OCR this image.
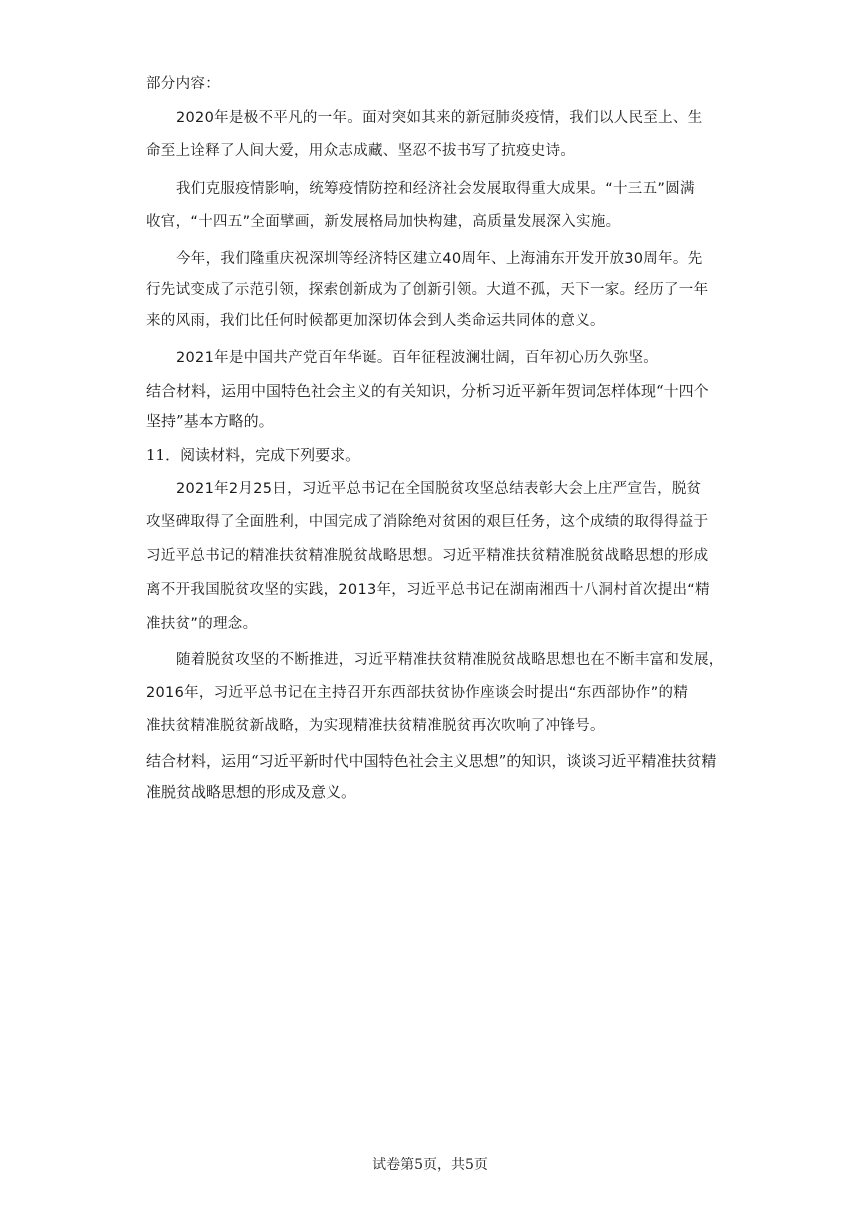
部分内容：
2020年是极不平凡的一年。面对突如其来的新冠肺炎疫情，我们以人民至上、生
命至上诠释了人间大爱，用众志成藏、坚忍不拔书写了抗疫史诗。
我们克服疫情影响，统筹疫情防控和经济社会发展取得重大成果。“十三五”圆满
收官，“十四五”全面擘画，新发展格局加快构建，高质量发展深入实施。
今年，我们隆重庆祝深圳等经济特区建立40周年、上海浦东开发开放30周年。先
行先试变成了示范引领，探索创新成为了创新引领。大道不孤，天下一家。经历了一年
来的风雨，我们比任何时候都更加深切体会到人类命运共同体的意义。
2021年是中国共产党百年华诞。百年征程波澜壮阔，百年初心历久弥坚。
结合材料，运用中国特色社会主义的有关知识，分析习近平新年贺词怎样体现“十四个
坚持”基本方略的。
11．阅读材料，完成下列要求。
2021年2月25日，习近平总书记在全国脱贫攻坚总结表彰大会上庄严宣告，脱贫
攻坚碑取得了全面胜利，中国完成了消除绝对贫困的艰巨任务，这个成绩的取得得益于
习近平总书记的精准扶贫精准脱贫战略思想。习近平精准扶贫精准脱贫战略思想的形成
离不开我国脱贫攻坚的实践，2013年，习近平总书记在湖南湘西十八洞村首次提出“精
准扶贫”的理念。
随着脱贫攻坚的不断推进，习近平精准扶贫精准脱贫战略思想也在不断丰富和发展，
2016年，习近平总书记在主持召开东西部扶贫协作座谈会时提出“东西部协作”的精
准扶贫精准脱贫新战略，为实现精准扶贫精准脱贫再次吹响了冲锋号。
结合材料，运用“习近平新时代中国特色社会主义思想”的知识，谈谈习近平精准扶贫精
准脱贫战略思想的形成及意义。
试卷第5页，共5页
